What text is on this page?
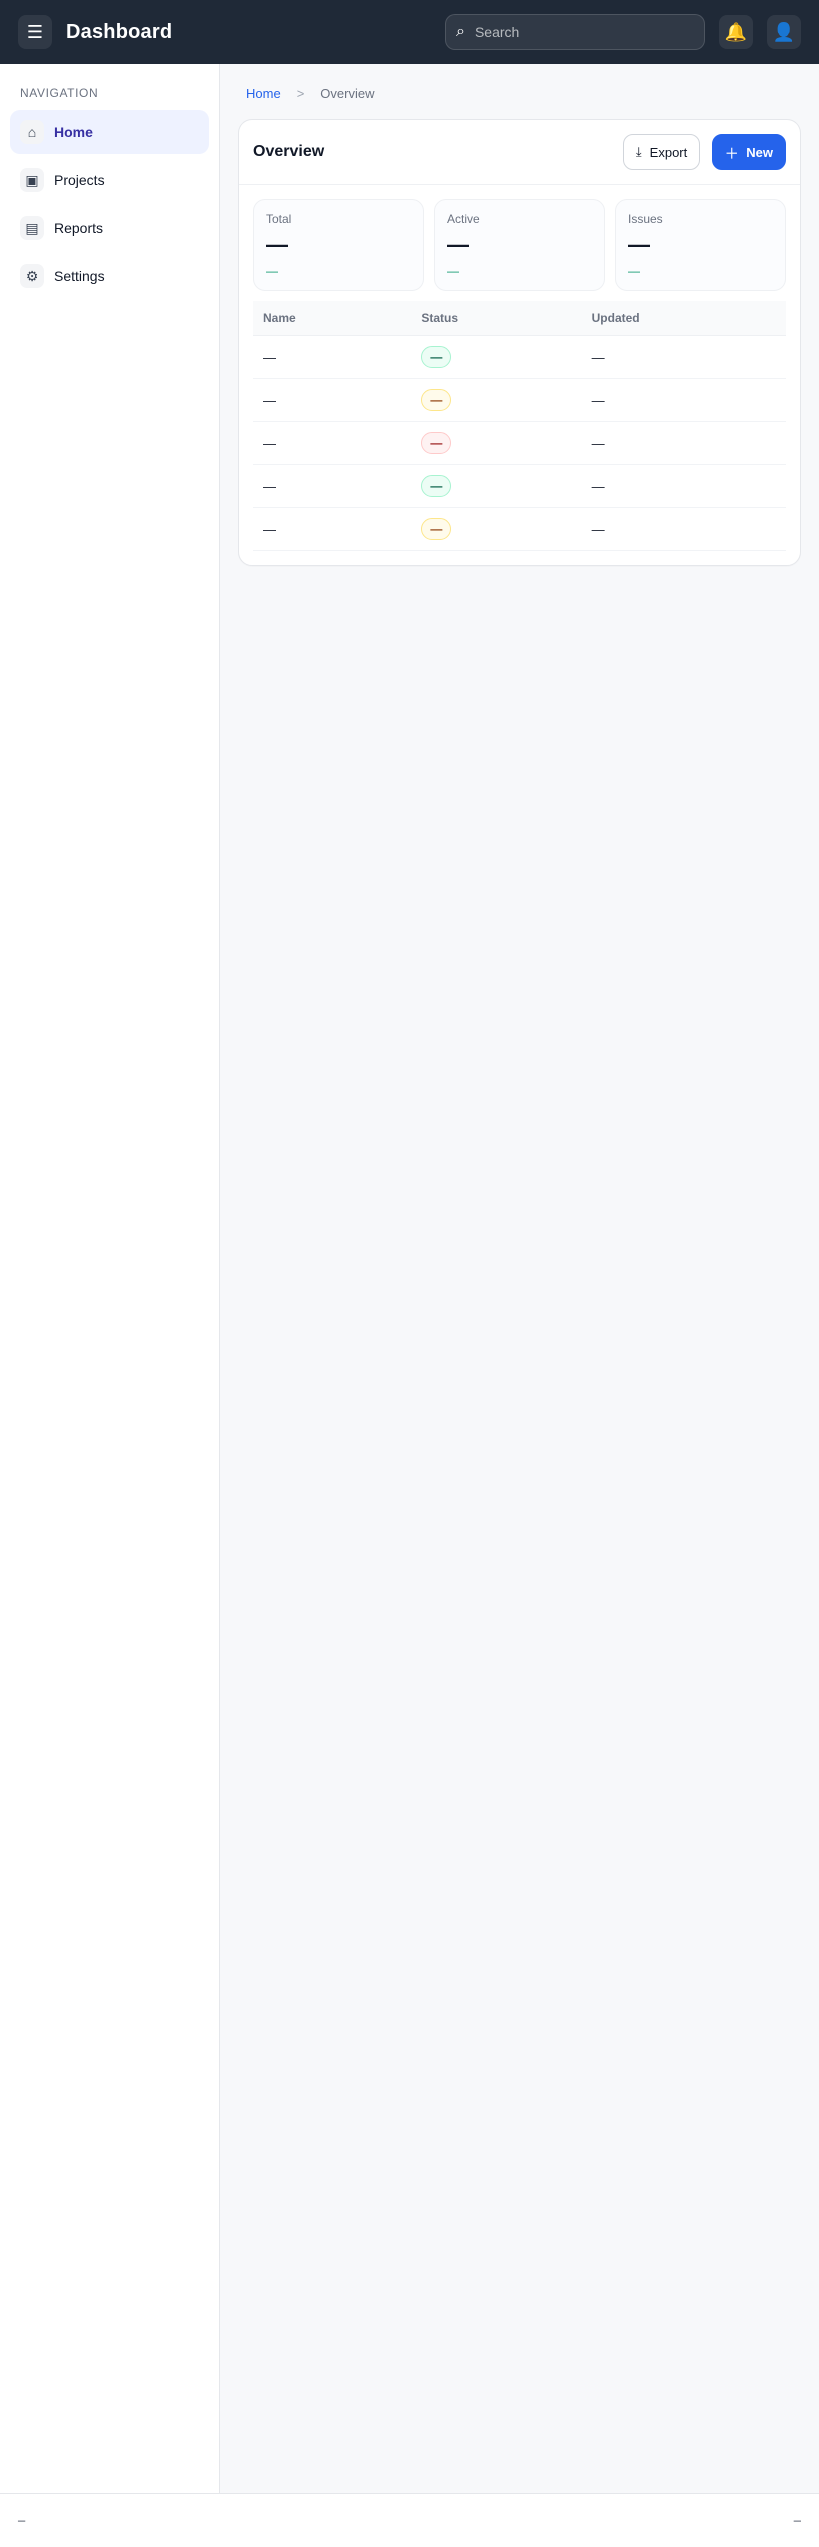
☰	Dashboard	⌕
Search	🔔	👤
NAVIGATION
⌂	Home
▣	Projects
▤	Reports
⚙	Settings
Home	>	Overview
Overview	⤓ Export	＋ New
Total
—
—
Active
—
—
Issues
—
—
Name	Status	Updated
—	—	—
—	—	—
—	—	—
—	—	—
—	—	—
—	—
